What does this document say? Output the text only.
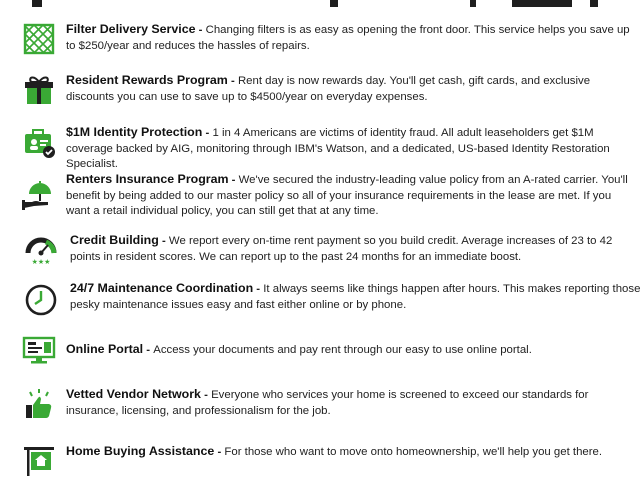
Filter Delivery Service - Changing filters is as easy as opening the front door. This service helps you save up to $250/year and reduces the hassles of repairs.
Resident Rewards Program - Rent day is now rewards day. You'll get cash, gift cards, and exclusive discounts you can use to save up to $4500/year on everyday expenses.
$1M Identity Protection - 1 in 4 Americans are victims of identity fraud. All adult leaseholders get $1M coverage backed by AIG, monitoring through IBM's Watson, and a dedicated, US-based Identity Restoration Specialist.
Renters Insurance Program - We've secured the industry-leading value policy from an A-rated carrier. You'll benefit by being added to our master policy so all of your insurance requirements in the lease are met. If you want a retail individual policy, you can still get that at any time.
★★★
Credit Building - We report every on-time rent payment so you build credit. Average increases of 23 to 42 points in resident scores. We can report up to the past 24 months for an immediate boost.
24/7 Maintenance Coordination - It always seems like things happen after hours. This makes reporting those pesky maintenance issues easy and fast either online or by phone.
Online Portal - Access your documents and pay rent through our easy to use online portal.
Vetted Vendor Network - Everyone who services your home is screened to exceed our standards for insurance, licensing, and professionalism for the job.
Home Buying Assistance - For those who want to move onto homeownership, we'll help you get there.
